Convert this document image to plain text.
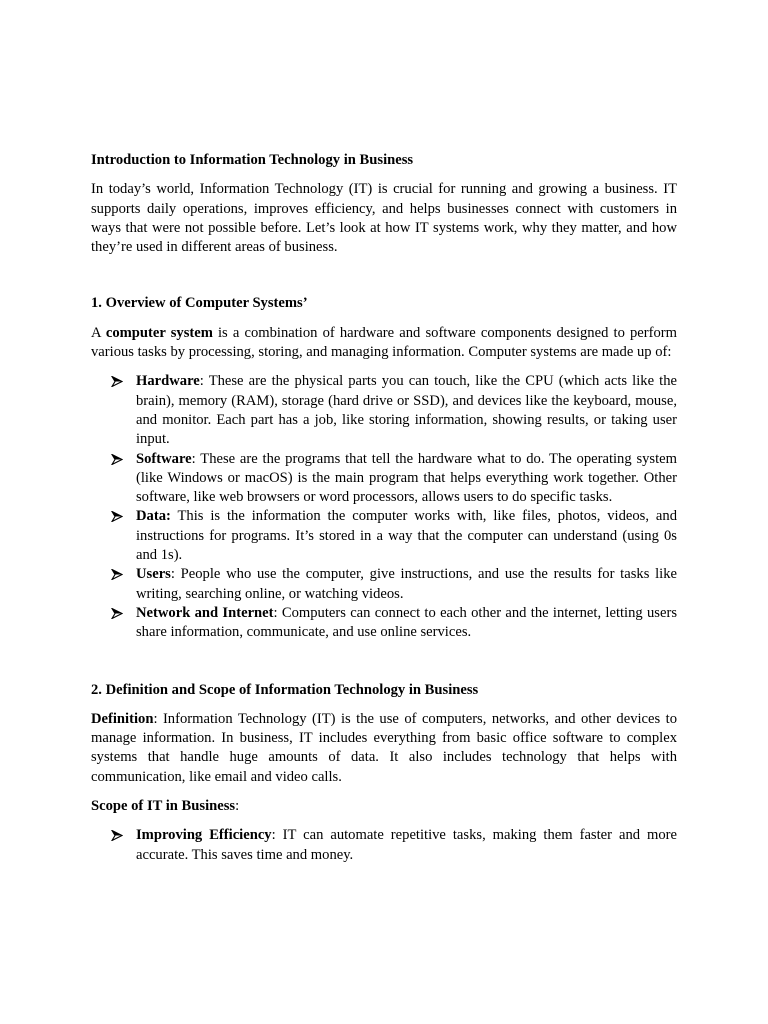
Introduction to Information Technology in Business

In today’s world, Information Technology (IT) is crucial for running and growing a business. IT supports daily operations, improves efficiency, and helps businesses connect with customers in ways that were not possible before. Let’s look at how IT systems work, why they matter, and how they’re used in different areas of business.

1. Overview of Computer Systems’

A computer system is a combination of hardware and software components designed to perform various tasks by processing, storing, and managing information. Computer systems are made up of:

Hardware: These are the physical parts you can touch, like the CPU (which acts like the brain), memory (RAM), storage (hard drive or SSD), and devices like the keyboard, mouse, and monitor. Each part has a job, like storing information, showing results, or taking user input.
Software: These are the programs that tell the hardware what to do. The operating system (like Windows or macOS) is the main program that helps everything work together. Other software, like web browsers or word processors, allows users to do specific tasks.
Data: This is the information the computer works with, like files, photos, videos, and instructions for programs. It’s stored in a way that the computer can understand (using 0s and 1s).
Users: People who use the computer, give instructions, and use the results for tasks like writing, searching online, or watching videos.
Network and Internet: Computers can connect to each other and the internet, letting users share information, communicate, and use online services.
2. Definition and Scope of Information Technology in Business

Definition: Information Technology (IT) is the use of computers, networks, and other devices to manage information. In business, IT includes everything from basic office software to complex systems that handle huge amounts of data. It also includes technology that helps with communication, like email and video calls.

Scope of IT in Business:

Improving Efficiency: IT can automate repetitive tasks, making them faster and more accurate. This saves time and money.
